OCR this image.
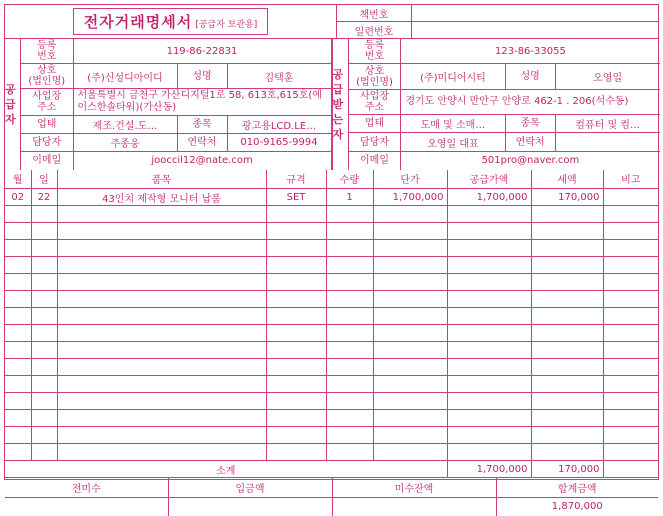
전자거래명세서 [공급자 보관용]
책번호
일련번호
공 급 자
등록
번호	119-86-22831		
상호
(법인명)	(주)신성디아이디	성명	김택훈
사업장
주소	서울특별시 금천구 가산디지털1로 58, 613호,615호(에이스한솔타워)(가산동)		
업태	제조.건설.도…	종목	광고용LCD.LE…
담당자	주종웅	연락처	010-9165-9994
이메일	jooccil12@nate.com		
공 급 받 는 자
등록
번호	123-86-33055		
상호
(법인명)	(주)미디어시티	성명	오영일
사업장
주소	경기도 안양시 만안구 안양로 462-1 . 206(석수동)		
업태	도매 및 소매…	종목	컴퓨터 및 컴…
담당자	오영일 대표	연락처	
이메일	501pro@naver.com		
월	일	품목	규격	수량	단가	공급가액	세액	비고
02	22	43인치 제작형 모니터 납품	SET	1	1,700,000	1,700,000	170,000	

소계						1,700,000	170,000	
전미수	입금액	미수잔액	합계금액
			1,870,000
